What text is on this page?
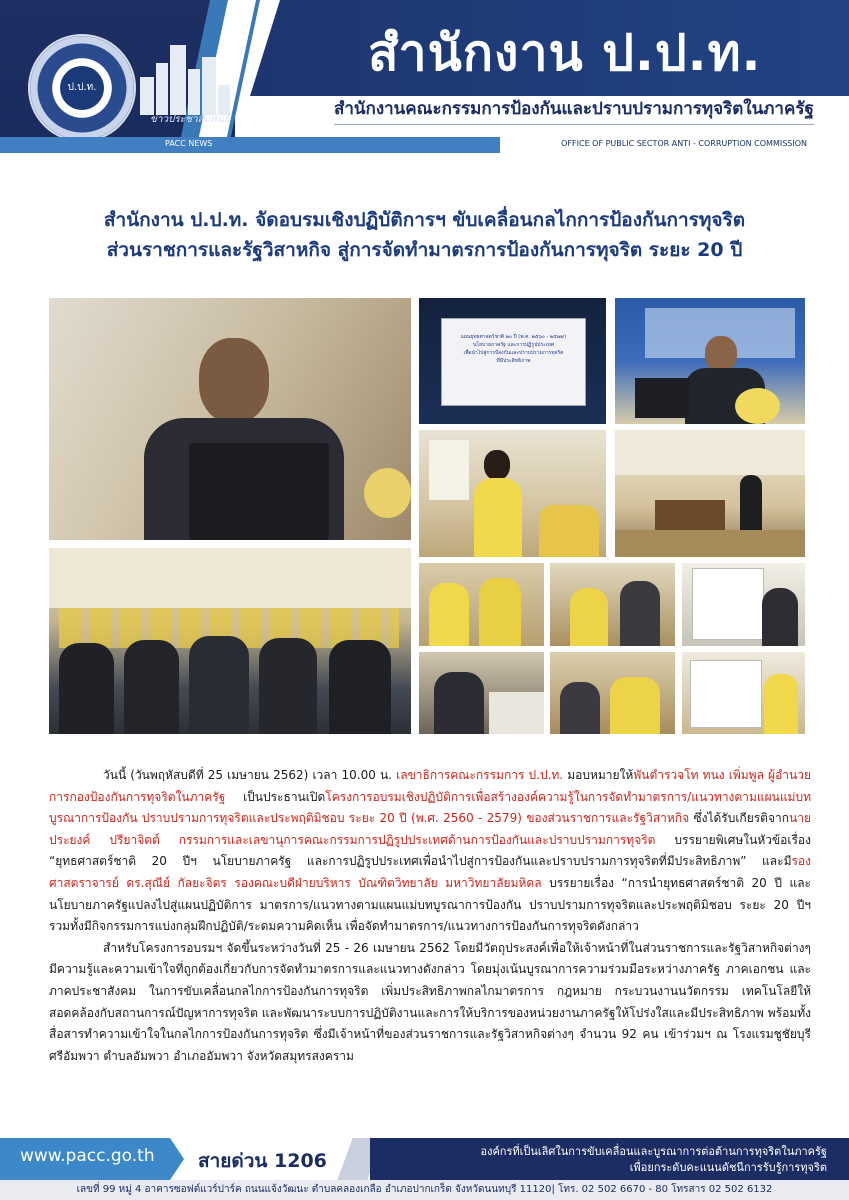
ป.ป.ท.
ข่าวประชาสัมพันธ์
สำนักงาน ป.ป.ท.
สำนักงานคณะกรรมการป้องกันและปราบปรามการทุจริตในภาครัฐ
PACC NEWS	OFFICE OF PUBLIC SECTOR ANTI - CORRUPTION COMMISSION
สำนักงาน ป.ป.ท. จัดอบรมเชิงปฏิบัติการฯ ขับเคลื่อนกลไกการป้องกันการทุจริต
ส่วนราชการและรัฐวิสาหกิจ สู่การจัดทำมาตรการป้องกันการทุจริต ระยะ 20 ปี
แผนยุทธศาสตร์ชาติ ๒๐ ปี (พ.ศ. ๒๕๖๐ - ๒๕๗๙)
นโยบายภาครัฐ และการปฏิรูปประเทศ
เพื่อนำไปสู่การป้องกันและปราบปรามการทุจริต
ที่มีประสิทธิภาพ

วันนี้ (วันพฤหัสบดีที่ 25 เมษายน 2562) เวลา 10.00 น. เลขาธิการคณะกรรมการ ป.ป.ท. มอบหมายให้พันตำรวจโท ทนง เพิ่มพูล ผู้อำนวยการกองป้องกันการทุจริตในภาครัฐ เป็นประธานเปิดโครงการอบรมเชิงปฏิบัติการเพื่อสร้างองค์ความรู้ในการจัดทำมาตรการ/แนวทางตามแผนแม่บทบูรณาการป้องกัน ปราบปรามการทุจริตและประพฤติมิชอบ ระยะ 20 ปี (พ.ศ. 2560 - 2579) ของส่วนราชการและรัฐวิสาหกิจ ซึ่งได้รับเกียรติจากนายประยงค์ ปรียาจิตต์ กรรมการและเลขานุการคณะกรรมการปฏิรูปประเทศด้านการป้องกันและปราบปรามการทุจริต บรรยายพิเศษในหัวข้อเรื่อง “ยุทธศาสตร์ชาติ 20 ปีฯ นโยบายภาครัฐ และการปฏิรูปประเทศเพื่อนำไปสู่การป้องกันและปราบปรามการทุจริตที่มีประสิทธิภาพ” และมีรองศาสตราจารย์ ดร.สุณีย์ กัลยะจิตร รองคณะบดีฝ่ายบริหาร บัณฑิตวิทยาลัย มหาวิทยาลัยมหิดล บรรยายเรื่อง “การนำยุทธศาสตร์ชาติ 20 ปี และนโยบายภาครัฐแปลงไปสู่แผนปฏิบัติการ มาตรการ/แนวทางตามแผนแม่บทบูรณาการป้องกัน ปราบปรามการทุจริตและประพฤติมิชอบ ระยะ 20 ปีฯ รวมทั้งมีกิจกรรมการแบ่งกลุ่มฝึกปฏิบัติ/ระดมความคิดเห็น เพื่อจัดทำมาตรการ/แนวทางการป้องกันการทุจริตดังกล่าว

สำหรับโครงการอบรมฯ จัดขึ้นระหว่างวันที่ 25 - 26 เมษายน 2562 โดยมีวัตถุประสงค์เพื่อให้เจ้าหน้าที่ในส่วนราชการและรัฐวิสาหกิจต่างๆ มีความรู้และความเข้าใจที่ถูกต้องเกี่ยวกับการจัดทำมาตรการและแนวทางดังกล่าว โดยมุ่งเน้นบูรณาการความร่วมมือระหว่างภาครัฐ ภาคเอกชน และภาคประชาสังคม ในการขับเคลื่อนกลไกการป้องกันการทุจริต เพิ่มประสิทธิภาพกลไกมาตรการ กฎหมาย กระบวนงานนวัตกรรม เทคโนโลยีให้สอดคล้องกับสถานการณ์ปัญหาการทุจริต และพัฒนาระบบการปฏิบัติงานและการให้บริการของหน่วยงานภาครัฐให้โปร่งใสและมีประสิทธิภาพ พร้อมทั้งสื่อสารทำความเข้าใจในกลไกการป้องกันการทุจริต ซึ่งมีเจ้าหน้าที่ของส่วนราชการและรัฐวิสาหกิจต่างๆ จำนวน 92 คน เข้าร่วมฯ ณ โรงแรมชูชัยบุรีศรีอัมพวา ตำบลอัมพวา อำเภออัมพวา จังหวัดสมุทรสงคราม

www.pacc.go.th สายด่วน 1206	องค์กรที่เป็นเลิศในการขับเคลื่อนและบูรณาการต่อต้านการทุจริตในภาครัฐ
เพื่อยกระดับคะแนนดัชนีการรับรู้การทุจริต
เลขที่ 99 หมู่ 4 อาคารซอฟต์แวร์ปาร์ค ถนนแจ้งวัฒนะ ตำบลคลองเกลือ อำเภอปากเกร็ด จังหวัดนนทบุรี 11120| โทร. 02 502 6670 - 80 โทรสาร 02 502 6132
